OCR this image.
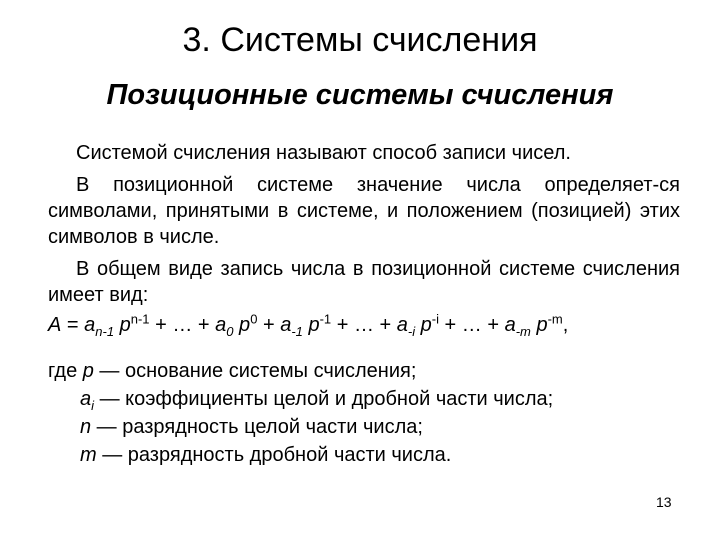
3. Системы счисления
Позиционные системы счисления
Системой счисления называют способ записи чисел.
В позиционной системе значение числа определяет-ся символами, принятыми в системе, и положением (позицией) этих символов в числе.
В общем виде запись числа в позиционной системе счисления имеет вид:
$A = a_{n-1}$ $p^{n-1}$ + … + $a_0$ $p^0 + a_{-1}$ $p^{-1}$ + … + $a_{-i}$ $p^{-i}$ + … + $a_{-m}$ $p^{-m}$,
где p — основание системы счисления;
$a_i$ — коэффициенты целой и дробной части числа;
n — разрядность целой части числа;
m — разрядность дробной части числа.
13
